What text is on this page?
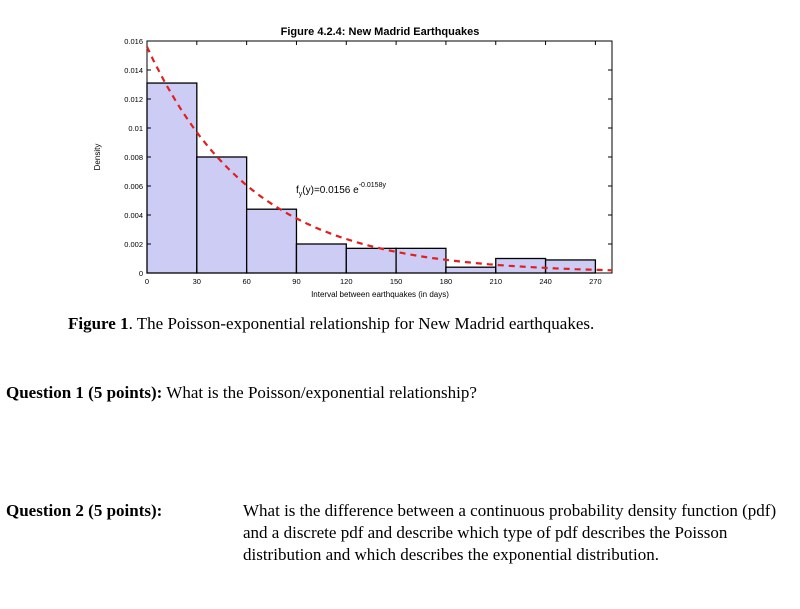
0	30	60	90	120	150	180	210	240	270
0
0.002
0.004
0.006
0.008
0.01
0.012
0.014
0.016
Figure 4.2.4: New Madrid Earthquakes
Interval between earthquakes (in days)
Density
$f_y(y)=0.0156$ $e^{-0.0158y}$
Figure 1. The Poisson-exponential relationship for New Madrid earthquakes.
Question 1 (5 points): What is the Poisson/exponential relationship?
Question 2 (5 points):	What is the difference between a continuous probability density function (pdf) and a discrete pdf and describe which type of pdf describes the Poisson distribution and which describes the exponential distribution.
